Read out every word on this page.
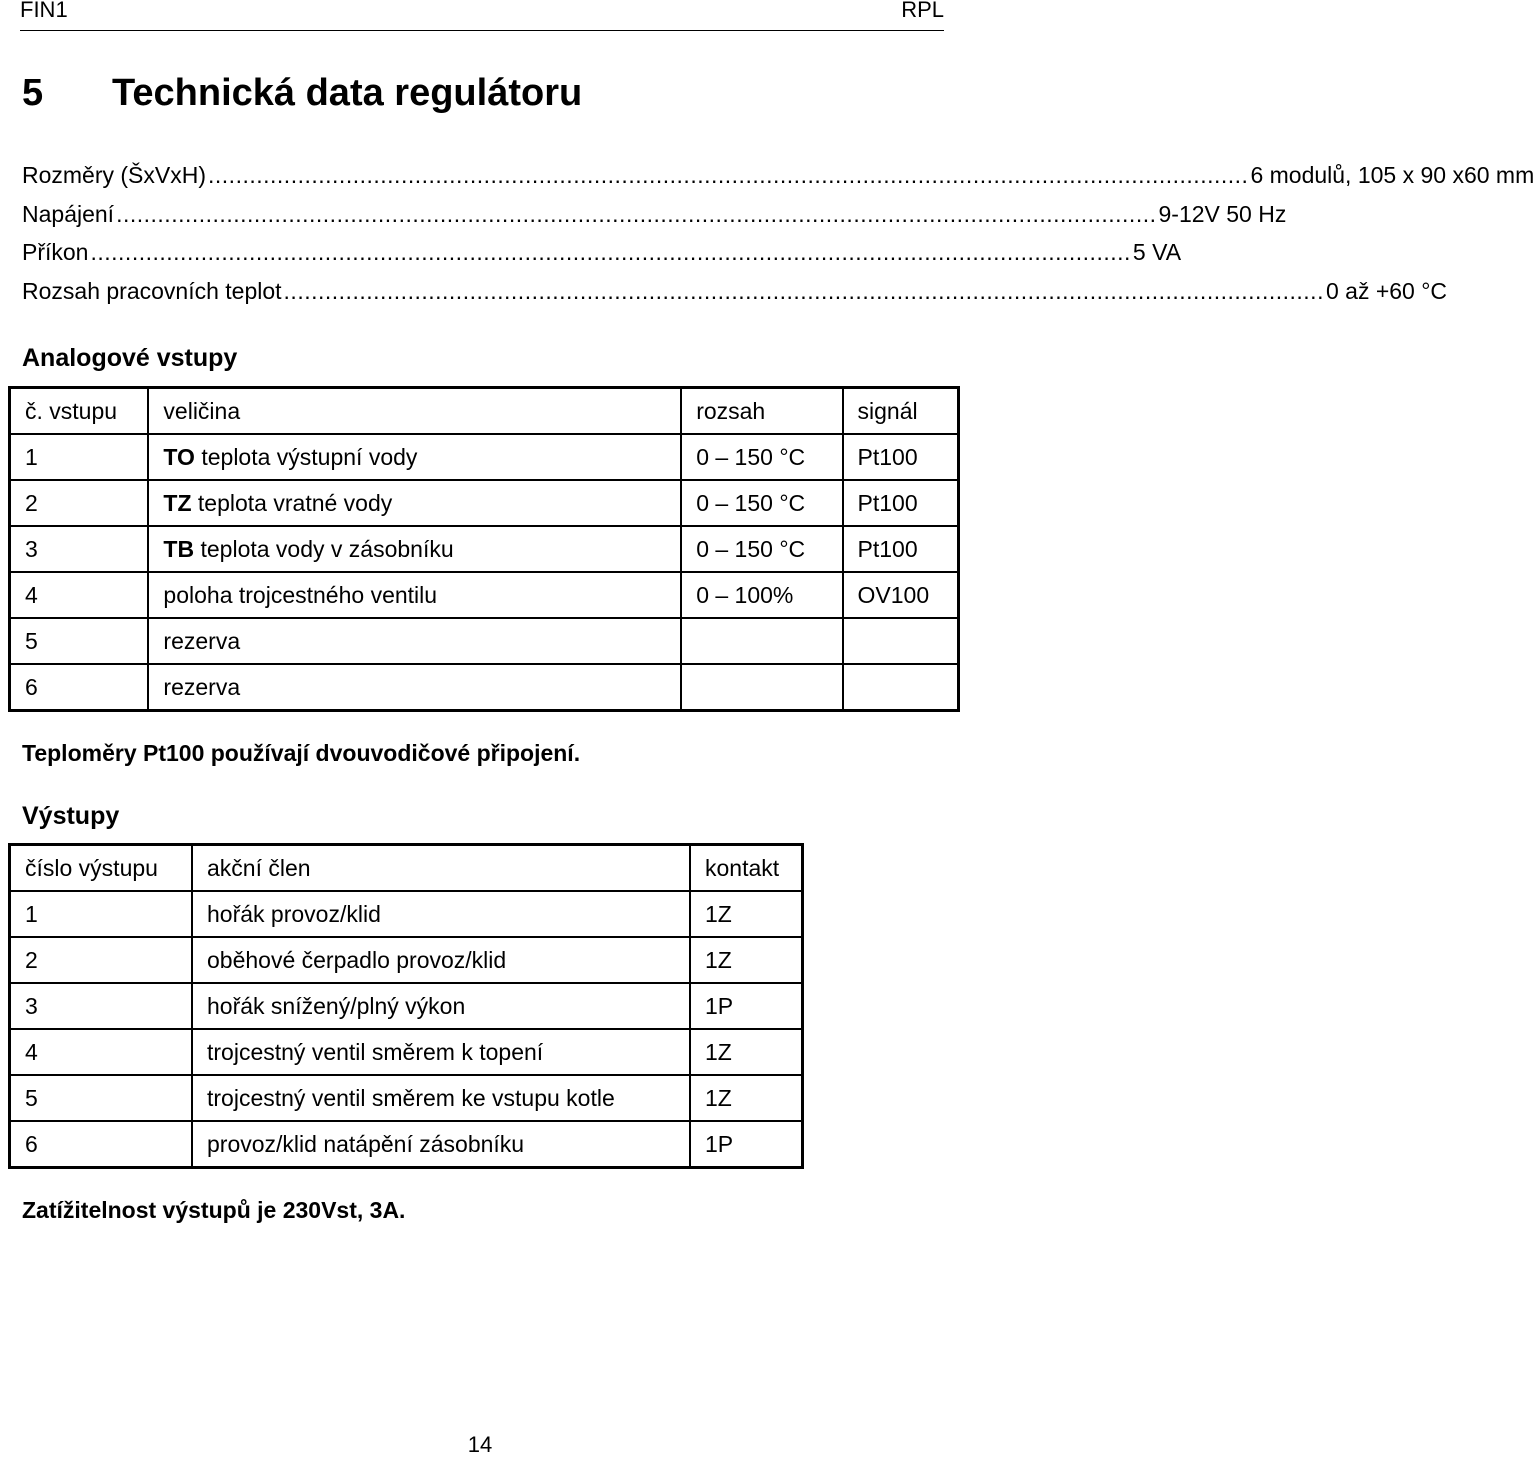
FIN1	RPL
5 Technická data regulátoru
Rozměry (ŠxVxH) ....................................................................................................................................................... 6 modulů, 105 x 90 x60 mm
Napájení ....................................................................................................................................................... 9-12V 50 Hz
Příkon ....................................................................................................................................................... 5 VA
Rozsah pracovních teplot ....................................................................................................................................................... 0 až +60 °C
Analogové vstupy
č. vstupu	veličina	rozsah	signál
1	TO teplota výstupní vody	0 – 150 °C	Pt100
2	TZ teplota vratné vody	0 – 150 °C	Pt100
3	TB teplota vody v zásobníku	0 – 150 °C	Pt100
4	poloha trojcestného ventilu	0 – 100%	OV100
5	rezerva		
6	rezerva		
Teploměry Pt100 používají dvouvodičové připojení.
Výstupy
číslo výstupu	akční člen	kontakt
1	hořák provoz/klid	1Z
2	oběhové čerpadlo provoz/klid	1Z
3	hořák snížený/plný výkon	1P
4	trojcestný ventil směrem k topení	1Z
5	trojcestný ventil směrem ke vstupu kotle	1Z
6	provoz/klid natápění zásobníku	1P
Zatížitelnost výstupů je 230Vst, 3A.
14
